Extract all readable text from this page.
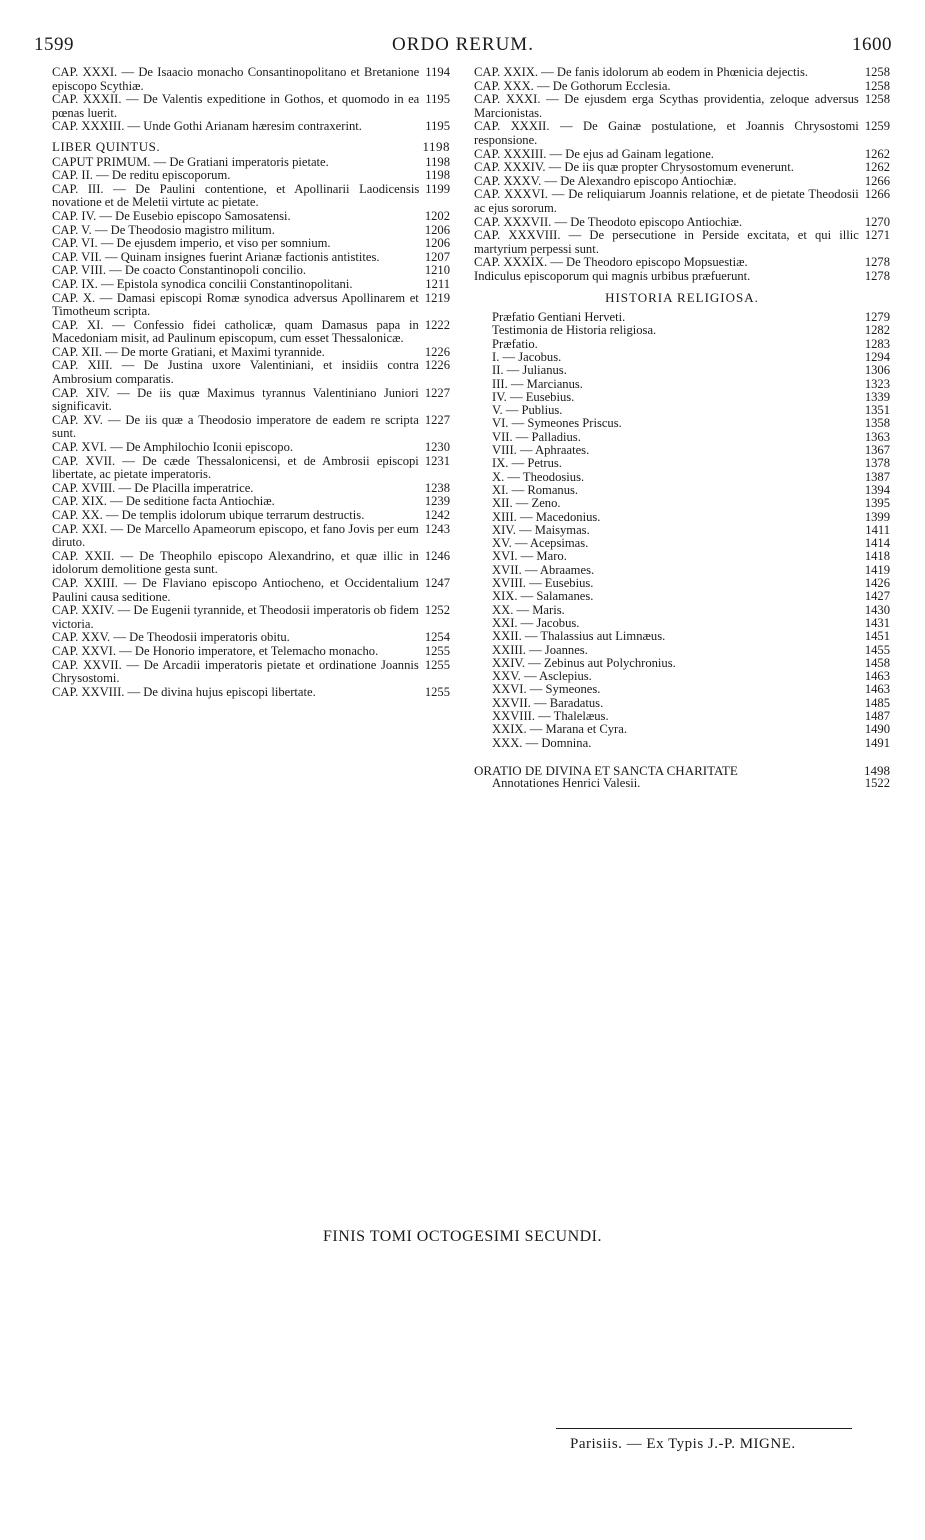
1599	ORDO RERUM.	1600
1194
CAP. XXXI. — De Isaacio monacho Consantinopolitano et Bretanione episcopo Scythiæ.
1195
CAP. XXXII. — De Valentis expeditione in Gothos, et quomodo in ea pœnas luerit.
1195
CAP. XXXIII. — Unde Gothi Arianam hæresim contraxerint.
1198
LIBER QUINTUS.
1198
CAPUT PRIMUM. — De Gratiani imperatoris pietate.
1198
CAP. II. — De reditu episcoporum.
1199
CAP. III. — De Paulini contentione, et Apollinarii Laodicensis novatione et de Meletii virtute ac pietate.
1202
CAP. IV. — De Eusebio episcopo Samosatensi.
1206
CAP. V. — De Theodosio magistro militum.
1206
CAP. VI. — De ejusdem imperio, et viso per somnium.
1207
CAP. VII. — Quinam insignes fuerint Arianæ factionis antistites.
1210
CAP. VIII. — De coacto Constantinopoli concilio.
1211
CAP. IX. — Epistola synodica concilii Constantinopolitani.
1219
CAP. X. — Damasi episcopi Romæ synodica adversus Apollinarem et Timotheum scripta.
1222
CAP. XI. — Confessio fidei catholicæ, quam Damasus papa in Macedoniam misit, ad Paulinum episcopum, cum esset Thessalonicæ.
1226
CAP. XII. — De morte Gratiani, et Maximi tyrannide.
1226
CAP. XIII. — De Justina uxore Valentiniani, et insidiis contra Ambrosium comparatis.
1227
CAP. XIV. — De iis quæ Maximus tyrannus Valentiniano Juniori significavit.
1227
CAP. XV. — De iis quæ a Theodosio imperatore de eadem re scripta sunt.
1230
CAP. XVI. — De Amphilochio Iconii episcopo.
1231
CAP. XVII. — De cæde Thessalonicensi, et de Ambrosii episcopi libertate, ac pietate imperatoris.
1238
CAP. XVIII. — De Placilla imperatrice.
1239
CAP. XIX. — De seditione facta Antiochiæ.
1242
CAP. XX. — De templis idolorum ubique terrarum destructis.
1243
CAP. XXI. — De Marcello Apameorum episcopo, et fano Jovis per eum diruto.
1246
CAP. XXII. — De Theophilo episcopo Alexandrino, et quæ illic in idolorum demolitione gesta sunt.
1247
CAP. XXIII. — De Flaviano episcopo Antiocheno, et Occidentalium Paulini causa seditione.
1252
CAP. XXIV. — De Eugenii tyrannide, et Theodosii imperatoris ob fidem victoria.
1254
CAP. XXV. — De Theodosii imperatoris obitu.
1255
CAP. XXVI. — De Honorio imperatore, et Telemacho monacho.
1255
CAP. XXVII. — De Arcadii imperatoris pietate et ordinatione Joannis Chrysostomi.
1255
CAP. XXVIII. — De divina hujus episcopi libertate.
1258
CAP. XXIX. — De fanis idolorum ab eodem in Phœnicia dejectis.
1258
CAP. XXX. — De Gothorum Ecclesia.
1258
CAP. XXXI. — De ejusdem erga Scythas providentia, zeloque adversus Marcionistas.
1259
CAP. XXXII. — De Gainæ postulatione, et Joannis Chrysostomi responsione.
1262
CAP. XXXIII. — De ejus ad Gainam legatione.
1262
CAP. XXXIV. — De iis quæ propter Chrysostomum evenerunt.
1266
CAP. XXXV. — De Alexandro episcopo Antiochiæ.
1266
CAP. XXXVI. — De reliquiarum Joannis relatione, et de pietate Theodosii ac ejus sororum.
1270
CAP. XXXVII. — De Theodoto episcopo Antiochiæ.
1271
CAP. XXXVIII. — De persecutione in Perside excitata, et qui illic martyrium perpessi sunt.
1278
CAP. XXXIX. — De Theodoro episcopo Mopsuestiæ.
1278
Indiculus episcoporum qui magnis urbibus præfuerunt.
HISTORIA RELIGIOSA.
1279
Præfatio Gentiani Herveti.
1282
Testimonia de Historia religiosa.
1283
Præfatio.
1294
I. — Jacobus.
1306
II. — Julianus.
1323
III. — Marcianus.
1339
IV. — Eusebius.
1351
V. — Publius.
1358
VI. — Symeones Priscus.
1363
VII. — Palladius.
1367
VIII. — Aphraates.
1378
IX. — Petrus.
1387
X. — Theodosius.
1394
XI. — Romanus.
1395
XII. — Zeno.
1399
XIII. — Macedonius.
1411
XIV. — Maisymas.
1414
XV. — Acepsimas.
1418
XVI. — Maro.
1419
XVII. — Abraames.
1426
XVIII. — Eusebius.
1427
XIX. — Salamanes.
1430
XX. — Maris.
1431
XXI. — Jacobus.
1451
XXII. — Thalassius aut Limnæus.
1455
XXIII. — Joannes.
1458
XXIV. — Zebinus aut Polychronius.
1463
XXV. — Asclepius.
1463
XXVI. — Symeones.
1485
XXVII. — Baradatus.
1487
XXVIII. — Thalelæus.
1490
XXIX. — Marana et Cyra.
1491
XXX. — Domnina.
1498
ORATIO DE DIVINA ET SANCTA CHARITATE
1522
Annotationes Henrici Valesii.
FINIS TOMI OCTOGESIMI SECUNDI.
Parisiis. — Ex Typis J.-P. MIGNE.
